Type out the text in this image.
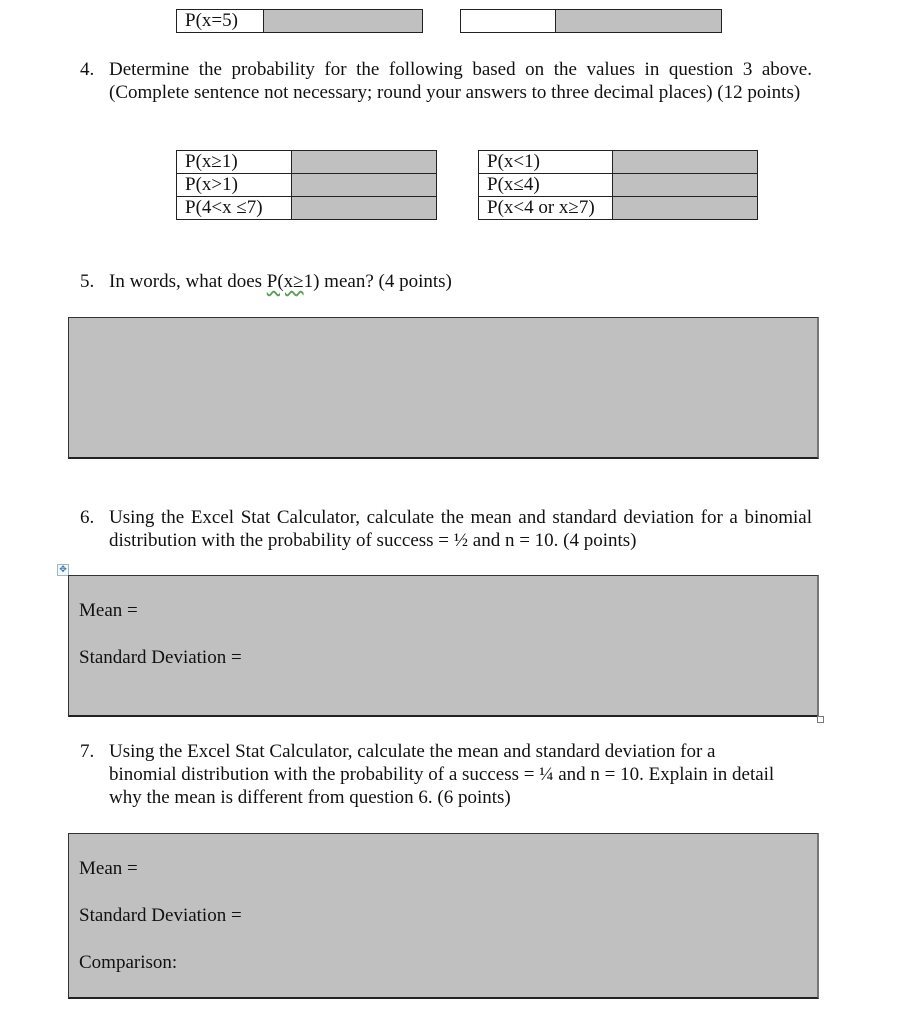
P(x=5)	

4. Determine the probability for the following based on the values in question 3 above. (Complete sentence not necessary; round your answers to three decimal places) (12 points)
P(x≥1)	
P(x>1)	
P(4<x ≤7)	
P(x<1)	
P(x≤4)	
P(x<4 or x≥7)	
5. In words, what does P(x≥1) mean? (4 points)
6. Using the Excel Stat Calculator, calculate the mean and standard deviation for a binomial distribution with the probability of success = ½ and n = 10. (4 points)
✥
Mean =
Standard Deviation =
7. Using the Excel Stat Calculator, calculate the mean and standard deviation for a binomial distribution with the probability of a success = ¼ and n = 10. Explain in detail why the mean is different from question 6. (6 points)
Mean =
Standard Deviation =
Comparison:
